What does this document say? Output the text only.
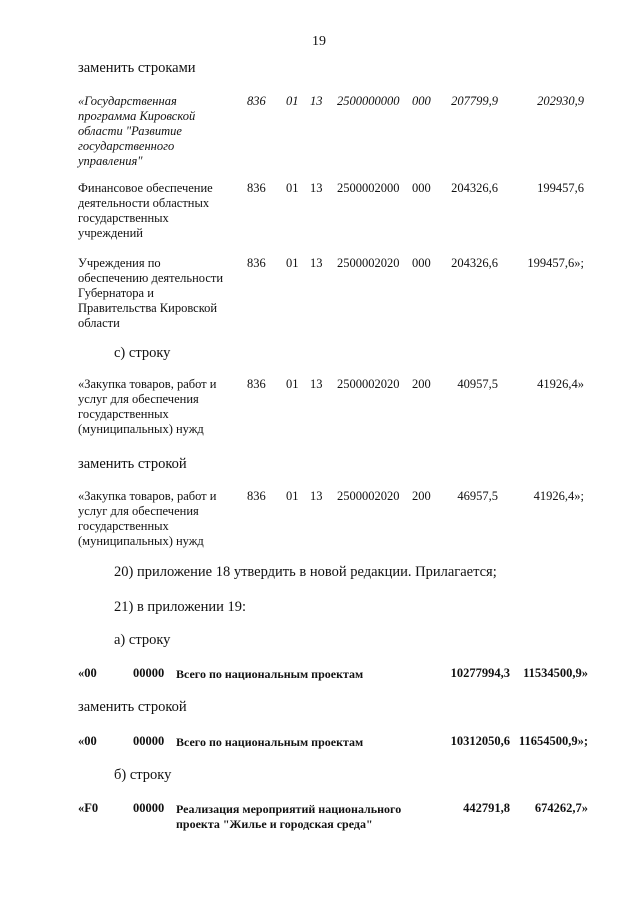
19
заменить строками
«Государственная программа Кировской области "Развитие государственного управления"
836 01 13 2500000000 000	207799,9	202930,9
Финансовое обеспечение деятельности областных государственных учреждений
836 01 13 2500002000 000	204326,6	199457,6
Учреждения по обеспечению деятельности Губернатора и Правительства Кировской области
836 01 13 2500002020 000	204326,6	199457,6»;
с) строку
«Закупка товаров, работ и услуг для обеспечения государственных (муниципальных) нужд
836 01 13 2500002020 200	40957,5	41926,4»
заменить строкой
«Закупка товаров, работ и услуг для обеспечения государственных (муниципальных) нужд
836 01 13 2500002020 200	46957,5	41926,4»;
20) приложение 18 утвердить в новой редакции. Прилагается;
21) в приложении 19:
а) строку
«00	00000 Всего по национальным проектам	10277994,3	11534500,9»
заменить строкой
«00	00000 Всего по национальным проектам	10312050,6 11654500,9»;
б) строку
«F0	00000 Реализация мероприятий национального
проекта "Жилье и городская среда"
442791,8	674262,7»
